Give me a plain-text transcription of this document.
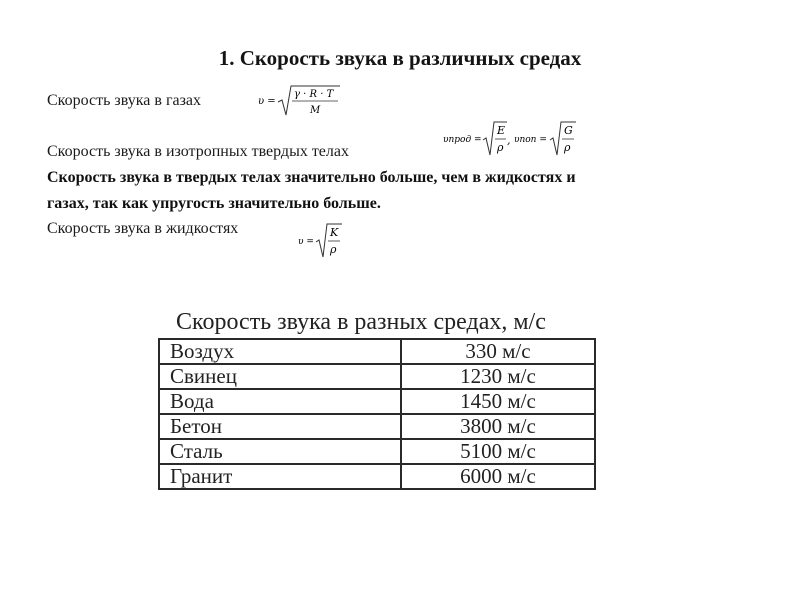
1. Скорость звука в различных средах
Скорость звука в газах	υ =
γ · R · T
M
Скорость звука в изотропных твердых телах
υпрод =
E
ρ
, υпоп =
G
ρ
Скорость звука в твердых телах значительно больше, чем в жидкостях и
газах, так как упругость значительно больше.
Скорость звука в жидкостях
υ =
K
ρ
Скорость звука в разных средах, м/с
Воздух	330 м/с
Свинец	1230 м/с
Вода	1450 м/с
Бетон	3800 м/с
Сталь	5100 м/с
Гранит	6000 м/с
